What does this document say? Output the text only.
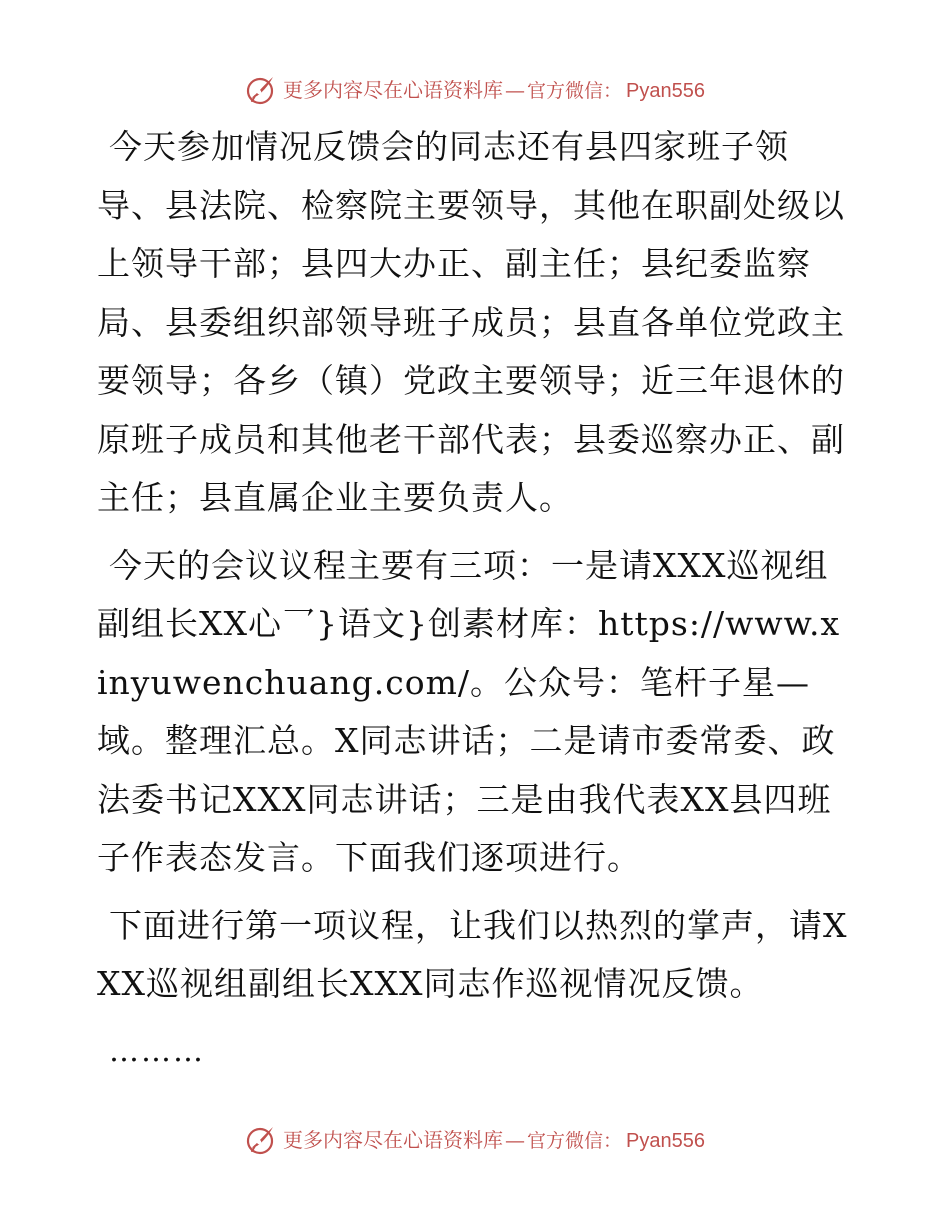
更多内容尽在心语资料库 — 官方微信 ： Pyan556

今天参加情况反馈会的同志还有县四家班子领导、县法院、检察院主要领导，其他在职副处级以上领导干部；县四大办正、副主任；县纪委监察局、县委组织部领导班子成员；县直各单位党政主要领导；各乡（镇）党政主要领导；近三年退休的原班子成员和其他老干部代表；县委巡察办正、副主任；县直属企业主要负责人。

今天的会议议程主要有三项：一是请XXX巡视组副组长XX心乛}语文}创素材库：https://www.xinyuwenchuang.com/。公众号：笔杆子星—域。整理汇总。X同志讲话；二是请市委常委、政法委书记XXX同志讲话；三是由我代表XX县四班子作表态发言。下面我们逐项进行。

下面进行第一项议程，让我们以热烈的掌声，请XXX巡视组副组长XXX同志作巡视情况反馈。

………

更多内容尽在心语资料库 — 官方微信 ： Pyan556
